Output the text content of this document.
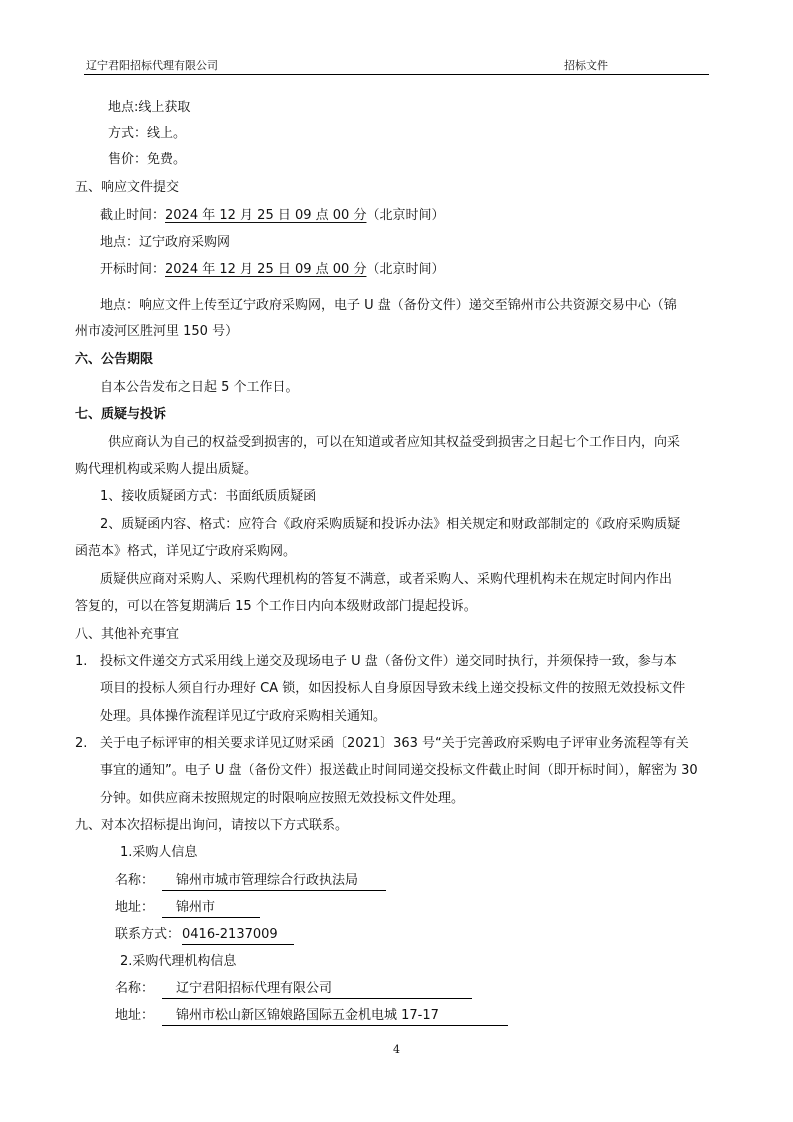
辽宁君阳招标代理有限公司	招标文件
地点:线上获取
方式：线上。
售价：免费。
五、响应文件提交
截止时间：2024 年 12 月 25 日 09 点 00 分（北京时间）
地点：辽宁政府采购网
开标时间：2024 年 12 月 25 日 09 点 00 分（北京时间）
地点：响应文件上传至辽宁政府采购网，电子 U 盘（备份文件）递交至锦州市公共资源交易中心（锦
州市凌河区胜河里 150 号）
六、公告期限
自本公告发布之日起 5 个工作日。
七、质疑与投诉
供应商认为自己的权益受到损害的，可以在知道或者应知其权益受到损害之日起七个工作日内，向采
购代理机构或采购人提出质疑。
1、接收质疑函方式：书面纸质质疑函
2、质疑函内容、格式：应符合《政府采购质疑和投诉办法》相关规定和财政部制定的《政府采购质疑
函范本》格式，详见辽宁政府采购网。
质疑供应商对采购人、采购代理机构的答复不满意，或者采购人、采购代理机构未在规定时间内作出
答复的，可以在答复期满后 15 个工作日内向本级财政部门提起投诉。
八、其他补充事宜
1. 投标文件递交方式采用线上递交及现场电子 U 盘（备份文件）递交同时执行，并须保持一致，参与本
项目的投标人须自行办理好 CA 锁，如因投标人自身原因导致未线上递交投标文件的按照无效投标文件
处理。具体操作流程详见辽宁政府采购相关通知。
2. 关于电子标评审的相关要求详见辽财采函〔2021〕363 号“关于完善政府采购电子评审业务流程等有关
事宜的通知”。电子 U 盘（备份文件）报送截止时间同递交投标文件截止时间（即开标时间），解密为 30
分钟。如供应商未按照规定的时限响应按照无效投标文件处理。
九、对本次招标提出询问，请按以下方式联系。
1.采购人信息
名称：	锦州市城市管理综合行政执法局
地址：	锦州市
联系方式： 0416-2137009
2.采购代理机构信息
名称：	辽宁君阳招标代理有限公司
地址：	锦州市松山新区锦娘路国际五金机电城 17-17
4
